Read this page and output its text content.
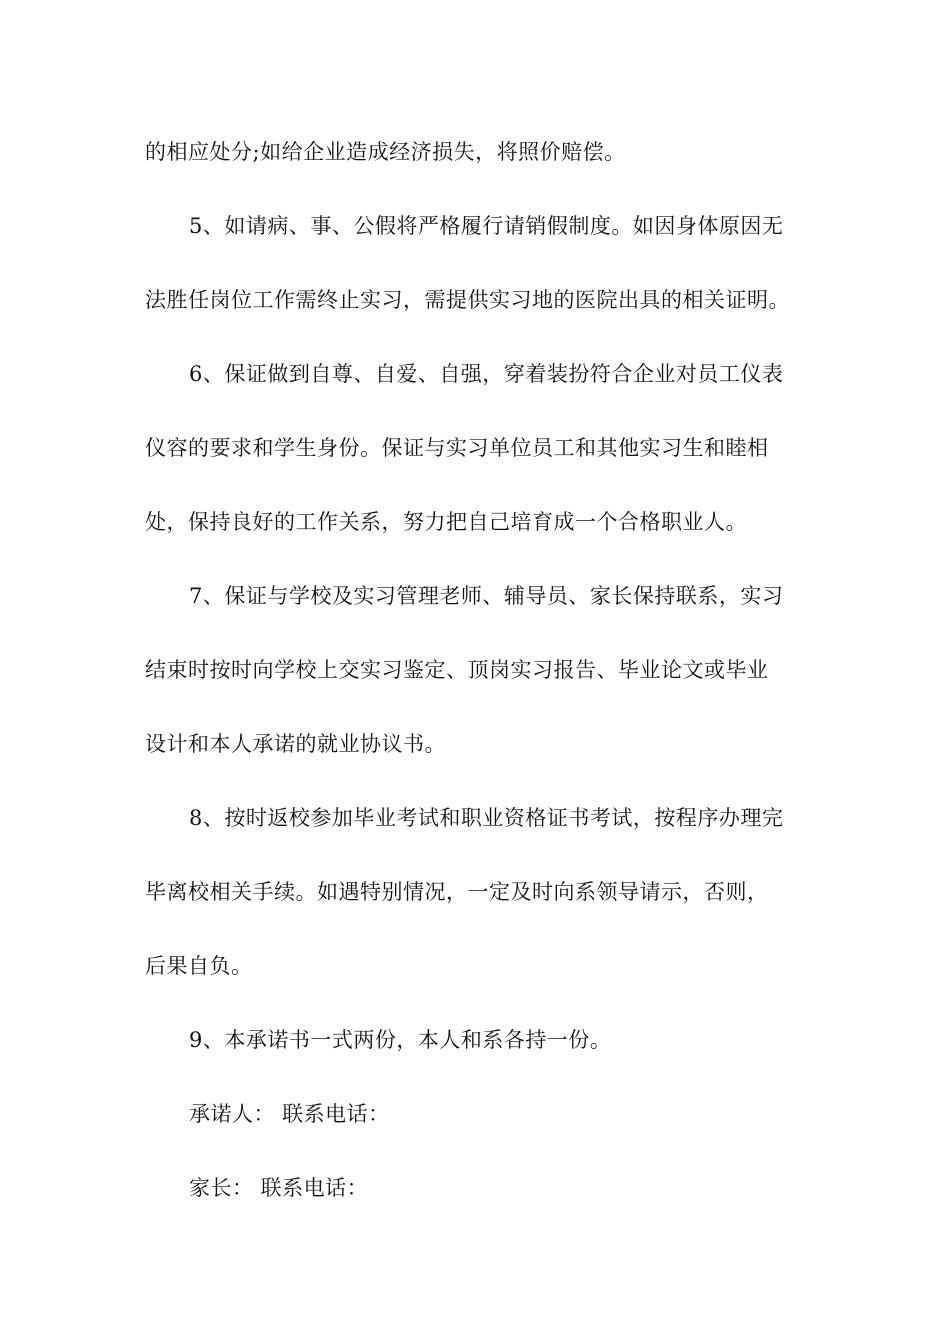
的相应处分;如给企业造成经济损失，将照价赔偿。
5、如请病、事、公假将严格履行请销假制度。如因身体原因无
法胜任岗位工作需终止实习，需提供实习地的医院出具的相关证明。
6、保证做到自尊、自爱、自强，穿着装扮符合企业对员工仪表
仪容的要求和学生身份。保证与实习单位员工和其他实习生和睦相
处，保持良好的工作关系，努力把自己培育成一个合格职业人。
7、保证与学校及实习管理老师、辅导员、家长保持联系，实习
结束时按时向学校上交实习鉴定、顶岗实习报告、毕业论文或毕业
设计和本人承诺的就业协议书。
8、按时返校参加毕业考试和职业资格证书考试，按程序办理完
毕离校相关手续。如遇特别情况，一定及时向系领导请示，否则，
后果自负。
9、本承诺书一式两份，本人和系各持一份。
承诺人： 联系电话：
家长： 联系电话：
